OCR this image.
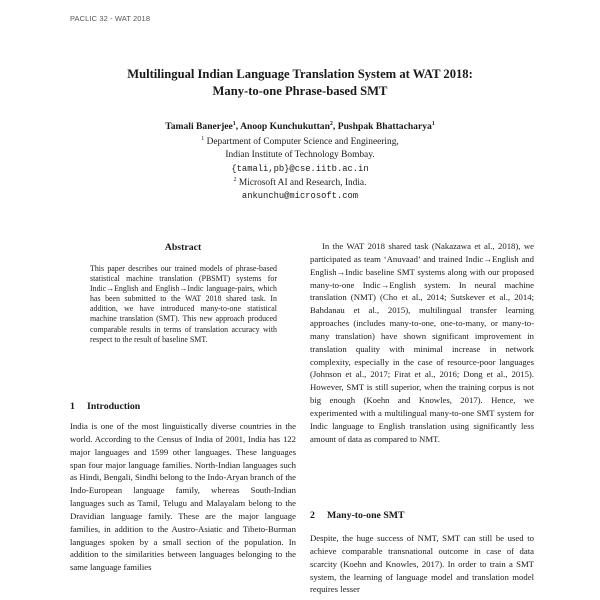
PACLIC 32 - WAT 2018
Multilingual Indian Language Translation System at WAT 2018:
Many-to-one Phrase-based SMT
Tamali Banerjee$^1$, Anoop Kunchukuttan$^2$, Pushpak Bhattacharya$^1$
$^1$ Department of Computer Science and Engineering,
Indian Institute of Technology Bombay.
{tamali,pb}@cse.iitb.ac.in
$^2$ Microsoft AI and Research, India.
ankunchu@microsoft.com
Abstract
This paper describes our trained models of phrase-based statistical machine translation (PBSMT) systems for Indic→English and English→Indic language-pairs, which has been submitted to the WAT 2018 shared task. In addition, we have introduced many-to-one statistical machine translation (SMT). This new approach produced comparable results in terms of translation accuracy with respect to the result of baseline SMT.
1 Introduction
India is one of the most linguistically diverse countries in the world. According to the Census of India of 2001, India has 122 major languages and 1599 other languages. These languages span four major language families. North-Indian languages such as Hindi, Bengali, Sindhi belong to the Indo-Aryan branch of the Indo-European language family, whereas South-Indian languages such as Tamil, Telugu and Malayalam belong to the Dravidian language family. These are the major language families, in addition to the Austro-Asiatic and Tibeto-Burman languages spoken by a small section of the population. In addition to the similarities between languages belonging to the same language families
In the WAT 2018 shared task (Nakazawa et al., 2018), we participated as team ‘Anuvaad’ and trained Indic→English and English→Indic baseline SMT systems along with our proposed many-to-one Indic→English system. In neural machine translation (NMT) (Cho et al., 2014; Sutskever et al., 2014; Bahdanau et al., 2015), multilingual transfer learning approaches (includes many-to-one, one-to-many, or many-to-many translation) have shown significant improvement in translation quality with minimal increase in network complexity, especially in the case of resource-poor languages (Johnson et al., 2017; Firat et al., 2016; Dong et al., 2015). However, SMT is still superior, when the training corpus is not big enough (Koehn and Knowles, 2017). Hence, we experimented with a multilingual many-to-one SMT system for Indic language to English translation using significantly less amount of data as compared to NMT.
2 Many-to-one SMT
Despite, the huge success of NMT, SMT can still be used to achieve comparable transnational outcome in case of data scarcity (Koehn and Knowles, 2017). In order to train a SMT system, the learning of language model and translation model requires lesser
